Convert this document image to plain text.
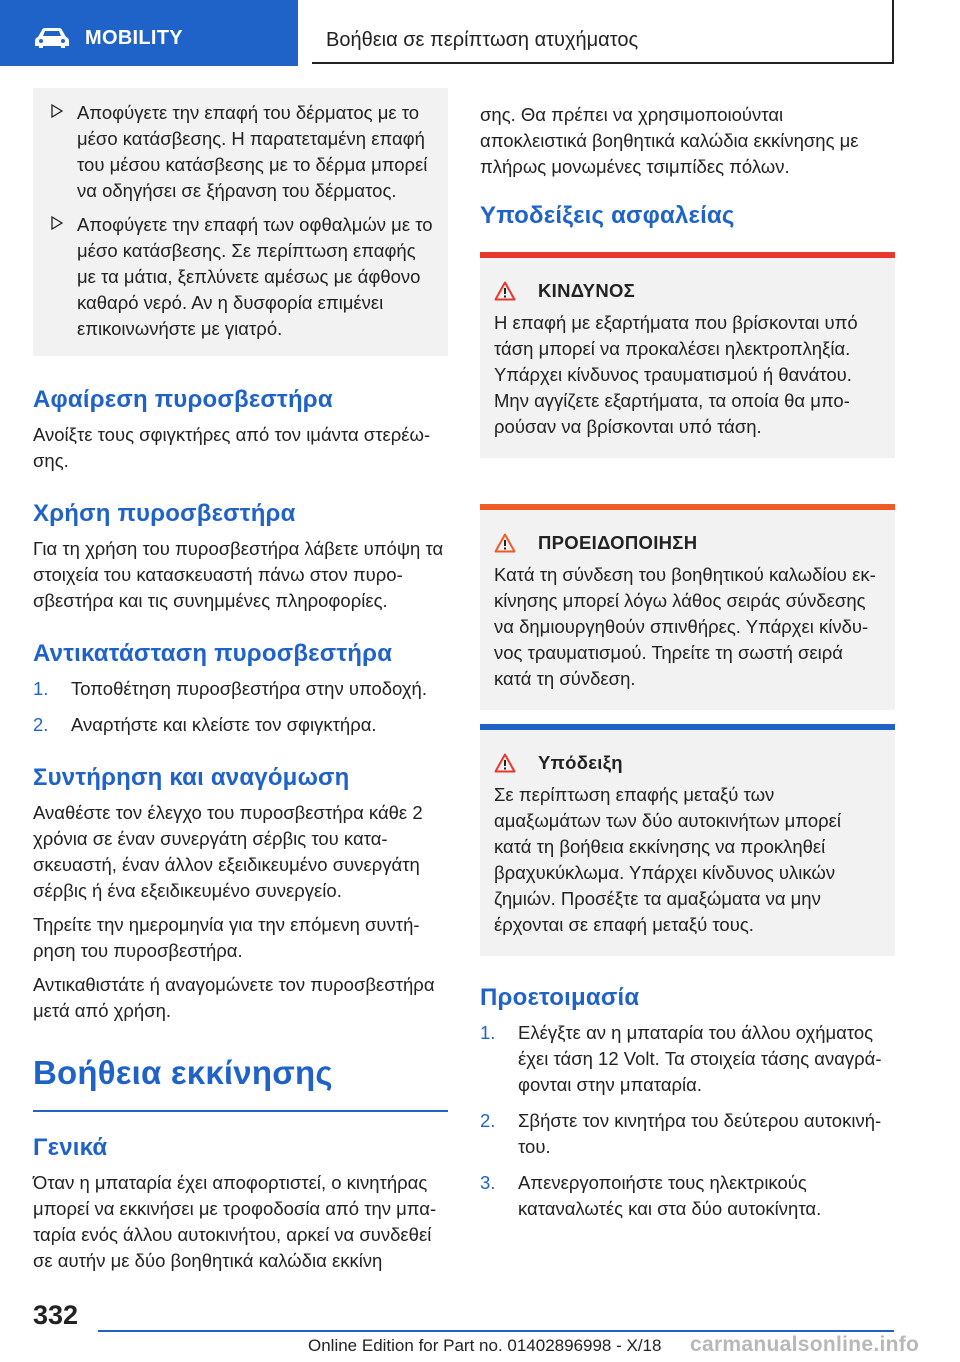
MOBILITY	Βοήθεια σε περίπτωση ατυχήματος
Αποφύγετε την επαφή του δέρματος με το μέσο κατάσβεσης. Η παρατεταμένη επαφή του μέσου κατάσβεσης με το δέρμα μπορεί να οδηγήσει σε ξήρανση του δέρματος.
Αποφύγετε την επαφή των οφθαλμών με το μέσο κατάσβεσης. Σε περίπτωση επαφής με τα μάτια, ξεπλύνετε αμέσως με άφθονο καθαρό νερό. Αν η δυσφορία επιμένει επικοινωνήστε με γιατρό.
Αφαίρεση πυροσβεστήρα

Ανοίξτε τους σφιγκτήρες από τον ιμάντα στερέωσης.

Χρήση πυροσβεστήρα

Για τη χρήση του πυροσβεστήρα λάβετε υπόψη τα στοιχεία του κατασκευαστή πάνω στον πυροσβεστήρα και τις συνημμένες πληροφορίες.

Αντικατάσταση πυροσβεστήρα
1. Τοποθέτηση πυροσβεστήρα στην υποδοχή.
2. Αναρτήστε και κλείστε τον σφιγκτήρα.
Συντήρηση και αναγόμωση

Αναθέστε τον έλεγχο του πυροσβεστήρα κάθε 2 χρόνια σε έναν συνεργάτη σέρβις του κατασκευαστή, έναν άλλον εξειδικευμένο συνεργάτη σέρβις ή ένα εξειδικευμένο συνεργείο.

Τηρείτε την ημερομηνία για την επόμενη συντήρηση του πυροσβεστήρα.

Αντικαθιστάτε ή αναγομώνετε τον πυροσβεστήρα μετά από χρήση.

Βοήθεια εκκίνησης
Γενικά

Όταν η μπαταρία έχει αποφορτιστεί, ο κινητήρας μπορεί να εκκινήσει με τροφοδοσία από την μπαταρία ενός άλλου αυτοκινήτου, αρκεί να συνδεθεί σε αυτήν με δύο βοηθητικά καλώδια εκκίνη

σης. Θα πρέπει να χρησιμοποιούνται αποκλειστικά βοηθητικά καλώδια εκκίνησης με πλήρως μονωμένες τσιμπίδες πόλων.

Υποδείξεις ασφαλείας
ΚΙΝΔΥΝΟΣ
Η επαφή με εξαρτήματα που βρίσκονται υπό τάση μπορεί να προκαλέσει ηλεκτροπληξία. Υπάρχει κίνδυνος τραυματισμού ή θανάτου. Μην αγγίζετε εξαρτήματα, τα οποία θα μπορούσαν να βρίσκονται υπό τάση.
ΠΡΟΕΙΔΟΠΟΙΗΣΗ
Κατά τη σύνδεση του βοηθητικού καλωδίου εκκίνησης μπορεί λόγω λάθος σειράς σύνδεσης να δημιουργηθούν σπινθήρες. Υπάρχει κίνδυνος τραυματισμού. Τηρείτε τη σωστή σειρά κατά τη σύνδεση.
Υπόδειξη
Σε περίπτωση επαφής μεταξύ των αμαξωμάτων των δύο αυτοκινήτων μπορεί κατά τη βοήθεια εκκίνησης να προκληθεί βραχυκύκλωμα. Υπάρχει κίνδυνος υλικών ζημιών. Προσέξτε τα αμαξώματα να μην έρχονται σε επαφή μεταξύ τους.
Προετοιμασία
1. Ελέγξτε αν η μπαταρία του άλλου οχήματος έχει τάση 12 Volt. Τα στοιχεία τάσης αναγράφονται στην μπαταρία.
2. Σβήστε τον κινητήρα του δεύτερου αυτοκινήτου.
3. Απενεργοποιήστε τους ηλεκτρικούς καταναλωτές και στα δύο αυτοκίνητα.
332
Online Edition for Part no. 01402896998 - X/18 carmanualsonline.info
